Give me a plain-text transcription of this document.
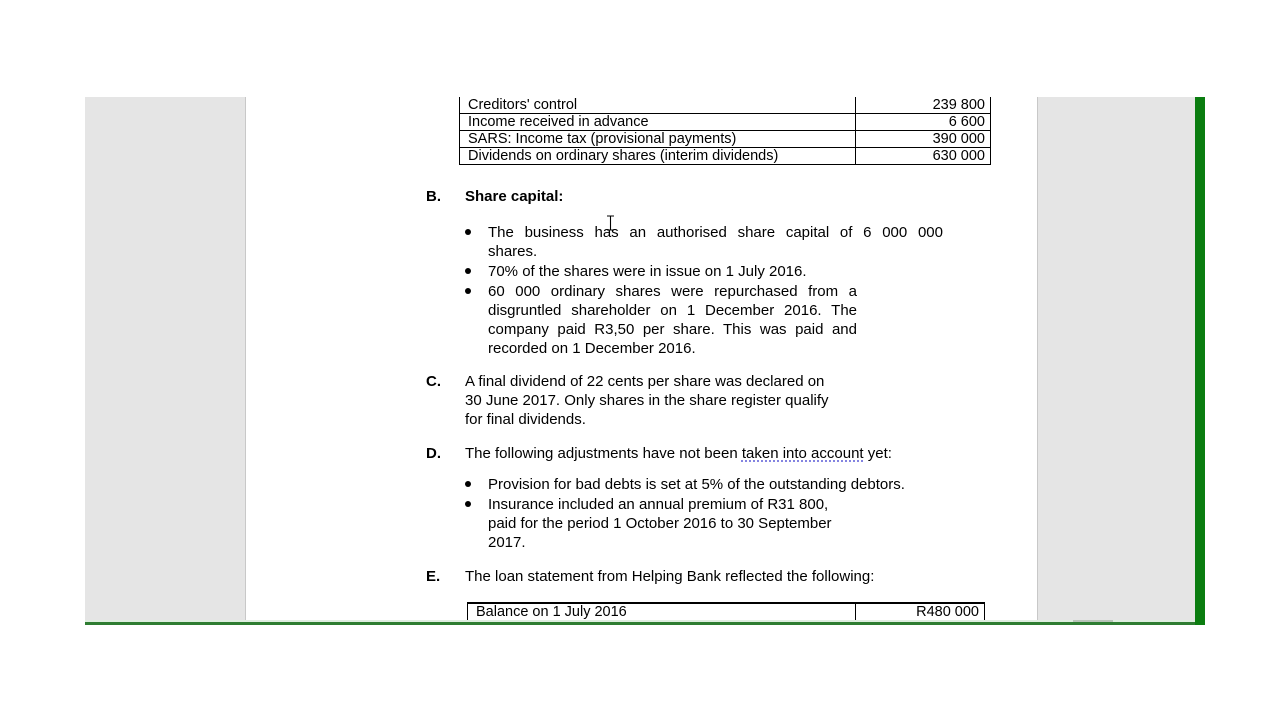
Creditors' control	239 800
Income received in advance	6 600
SARS: Income tax (provisional payments)	390 000
Dividends on ordinary shares (interim dividends)	630 000
B. Share capital:
The business has an authorised share capital of 6 000 000
shares.
70% of the shares were in issue on 1 July 2016.
60 000 ordinary shares were repurchased from a
disgruntled shareholder on 1 December 2016. The
company paid R3,50 per share. This was paid and
recorded on 1 December 2016.
C. A final dividend of 22 cents per share was declared on
30 June 2017. Only shares in the share register qualify
for final dividends.
D. The following adjustments have not been taken into account yet:
Provision for bad debts is set at 5% of the outstanding debtors.
Insurance included an annual premium of R31 800,
paid for the period 1 October 2016 to 30 September
2017.
E. The loan statement from Helping Bank reflected the following:
Balance on 1 July 2016	R480 000
